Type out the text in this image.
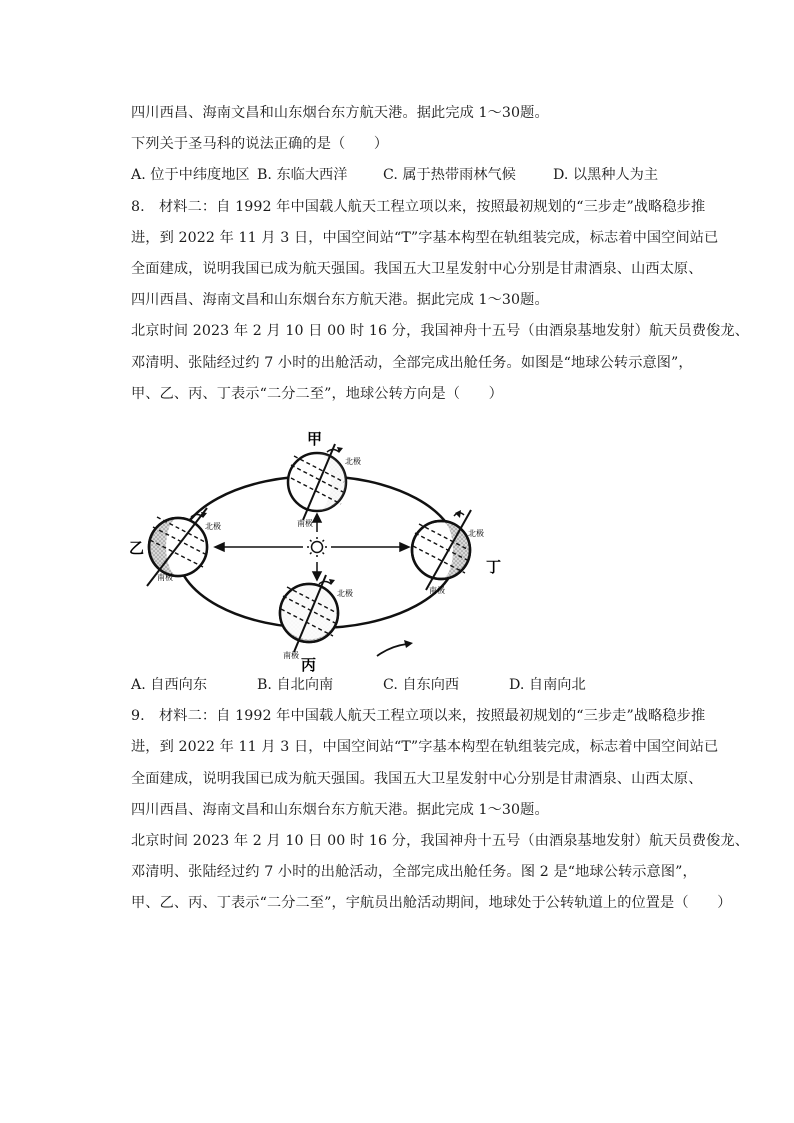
四川西昌、海南文昌和山东烟台东方航天港。据此完成 1～30题。
下列关于圣马科的说法正确的是（　　）
A. 位于中纬度地区 B. 东临大西洋	C. 属于热带雨林气候	D. 以黑种人为主
8.　材料二：自 1992 年中国载人航天工程立项以来，按照最初规划的“三步走”战略稳步推
进，到 2022 年 11 月 3 日，中国空间站“T”字基本构型在轨组装完成，标志着中国空间站已
全面建成，说明我国已成为航天强国。我国五大卫星发射中心分别是甘肃酒泉、山西太原、
四川西昌、海南文昌和山东烟台东方航天港。据此完成 1～30题。
北京时间 2023 年 2 月 10 日 00 时 16 分，我国神舟十五号（由酒泉基地发射）航天员费俊龙、
邓清明、张陆经过约 7 小时的出舱活动，全部完成出舱任务。如图是“地球公转示意图”，
甲、乙、丙、丁表示“二分二至”，地球公转方向是（　　）
甲
乙
丙
丁
北极
南极
北极
南极
北极
南极
北极
南极
A. 自西向东	B. 自北向南	C. 自东向西	D. 自南向北
9.　材料二：自 1992 年中国载人航天工程立项以来，按照最初规划的“三步走”战略稳步推
进，到 2022 年 11 月 3 日，中国空间站“T”字基本构型在轨组装完成，标志着中国空间站已
全面建成，说明我国已成为航天强国。我国五大卫星发射中心分别是甘肃酒泉、山西太原、
四川西昌、海南文昌和山东烟台东方航天港。据此完成 1～30题。
北京时间 2023 年 2 月 10 日 00 时 16 分，我国神舟十五号（由酒泉基地发射）航天员费俊龙、
邓清明、张陆经过约 7 小时的出舱活动，全部完成出舱任务。图 2 是“地球公转示意图”，
甲、乙、丙、丁表示“二分二至”，宇航员出舱活动期间，地球处于公转轨道上的位置是（　　）
